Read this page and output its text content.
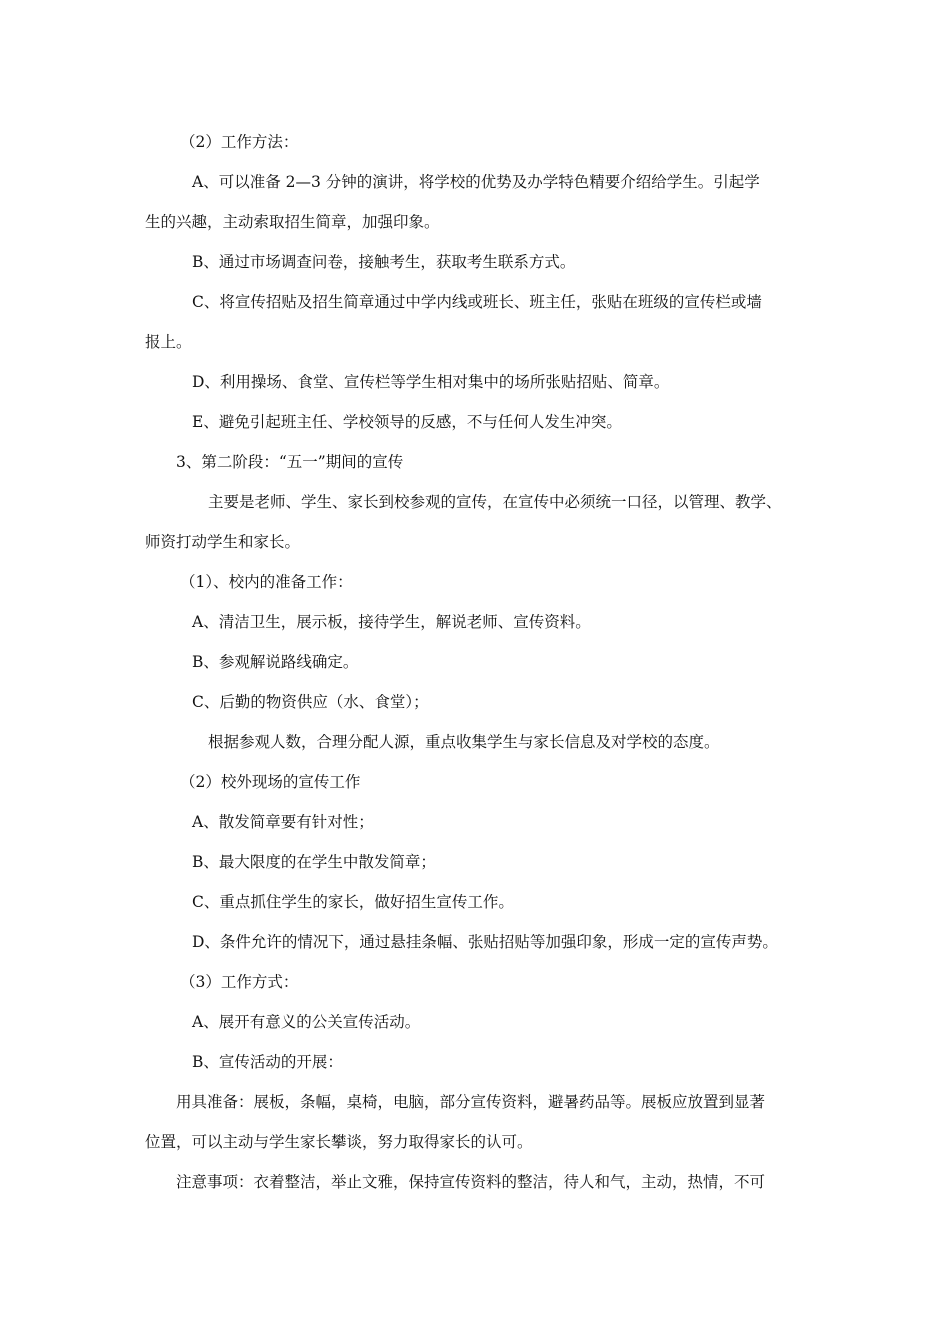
（2）工作方法：
A、可以准备 2—3 分钟的演讲，将学校的优势及办学特色精要介绍给学生。引起学
生的兴趣，主动索取招生简章，加强印象。
B、通过市场调查问卷，接触考生，获取考生联系方式。
C、将宣传招贴及招生简章通过中学内线或班长、班主任，张贴在班级的宣传栏或墙
报上。
D、利用操场、食堂、宣传栏等学生相对集中的场所张贴招贴、简章。
E、避免引起班主任、学校领导的反感，不与任何人发生冲突。
3、第二阶段：“五一”期间的宣传
主要是老师、学生、家长到校参观的宣传，在宣传中必须统一口径，以管理、教学、
师资打动学生和家长。
（1）、校内的准备工作：
A、清洁卫生，展示板，接待学生，解说老师、宣传资料。
B、参观解说路线确定。
C、后勤的物资供应（水、食堂）；
根据参观人数，合理分配人源，重点收集学生与家长信息及对学校的态度。
（2）校外现场的宣传工作
A、散发简章要有针对性；
B、最大限度的在学生中散发简章；
C、重点抓住学生的家长，做好招生宣传工作。
D、条件允许的情况下，通过悬挂条幅、张贴招贴等加强印象，形成一定的宣传声势。
（3）工作方式：
A、展开有意义的公关宣传活动。
B、宣传活动的开展：
用具准备：展板，条幅，桌椅，电脑，部分宣传资料，避暑药品等。展板应放置到显著
位置，可以主动与学生家长攀谈，努力取得家长的认可。
注意事项：衣着整洁，举止文雅，保持宣传资料的整洁，待人和气，主动，热情，不可
